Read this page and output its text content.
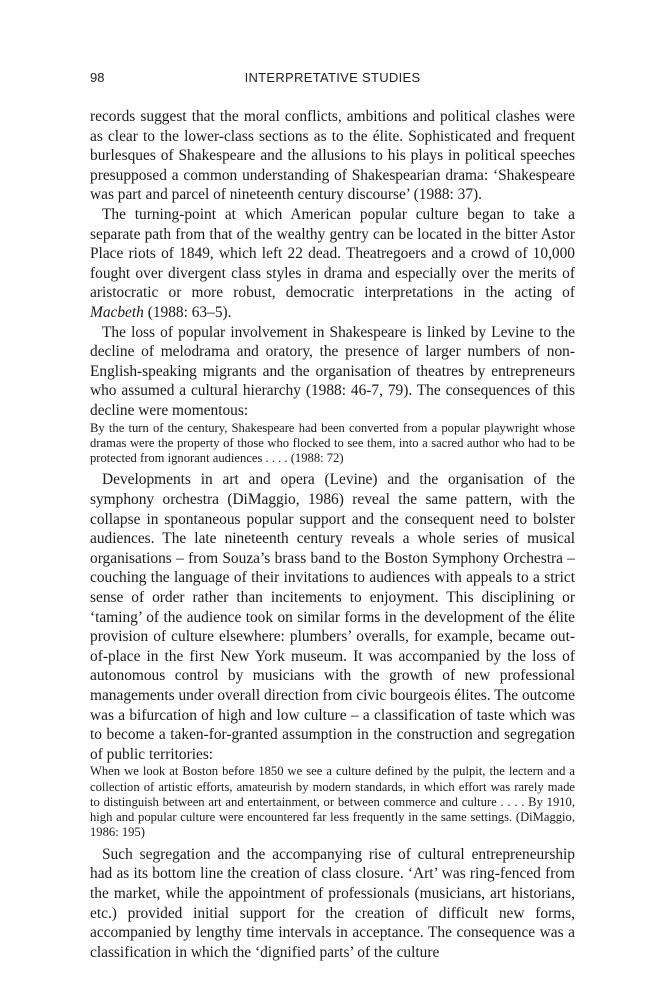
98	INTERPRETATIVE STUDIES

records suggest that the moral conflicts, ambitions and political clashes were as clear to the lower-class sections as to the élite. Sophisticated and frequent burlesques of Shakespeare and the allusions to his plays in political speeches presupposed a common understanding of Shakespearian drama: ‘Shakespeare was part and parcel of nineteenth century discourse’ (1988: 37).

The turning-point at which American popular culture began to take a separate path from that of the wealthy gentry can be located in the bitter Astor Place riots of 1849, which left 22 dead. Theatregoers and a crowd of 10,000 fought over divergent class styles in drama and especially over the merits of aristocratic or more robust, democratic interpretations in the acting of Macbeth (1988: 63–5).

The loss of popular involvement in Shakespeare is linked by Levine to the decline of melodrama and oratory, the presence of larger numbers of non-English-speaking migrants and the organisation of theatres by entrepreneurs who assumed a cultural hierarchy (1988: 46-7, 79). The consequences of this decline were momentous:

By the turn of the century, Shakespeare had been converted from a popular playwright whose dramas were the property of those who flocked to see them, into a sacred author who had to be protected from ignorant audiences . . . . (1988: 72)

Developments in art and opera (Levine) and the organisation of the symphony orchestra (DiMaggio, 1986) reveal the same pattern, with the collapse in spontaneous popular support and the consequent need to bolster audiences. The late nineteenth century reveals a whole series of musical organisations – from Souza’s brass band to the Boston Symphony Orchestra – couching the language of their invitations to audiences with appeals to a strict sense of order rather than incitements to enjoyment. This disciplining or ‘taming’ of the audience took on similar forms in the development of the élite provision of culture elsewhere: plumbers’ overalls, for example, became out-of-place in the first New York museum. It was accompanied by the loss of autonomous control by musicians with the growth of new professional managements under overall direction from civic bourgeois élites. The outcome was a bifurcation of high and low culture – a classification of taste which was to become a taken-for-granted assumption in the construction and segregation of public territories:

When we look at Boston before 1850 we see a culture defined by the pulpit, the lectern and a collection of artistic efforts, amateurish by modern standards, in which effort was rarely made to distinguish between art and entertainment, or between commerce and culture . . . . By 1910, high and popular culture were encountered far less frequently in the same settings. (DiMaggio, 1986: 195)

Such segregation and the accompanying rise of cultural entrepreneurship had as its bottom line the creation of class closure. ‘Art’ was ring-fenced from the market, while the appointment of professionals (musicians, art historians, etc.) provided initial support for the creation of difficult new forms, accompanied by lengthy time intervals in acceptance. The consequence was a classification in which the ‘dignified parts’ of the culture
